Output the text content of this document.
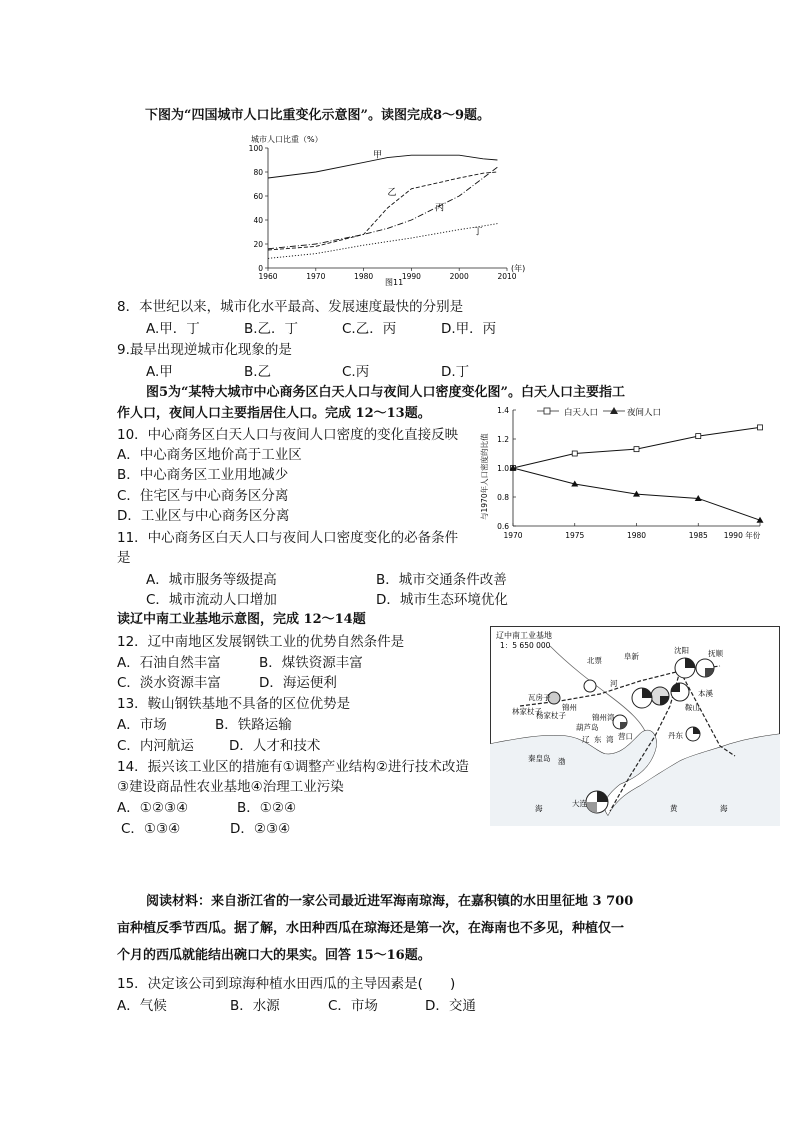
下图为“四国城市人口比重变化示意图”。读图完成8～9题。
城市人口比重（%）
0
20
40
60
80
100
1960	1970	1980	1990	2000	2010
甲
乙
丙
丁
(年)
图11
8．本世纪以来，城市化水平最高、发展速度最快的分别是
A.甲．丁	B.乙．丁	C.乙．丙	D.甲．丙
9.最早出现逆城市化现象的是
A.甲	B.乙	C.丙	D.丁
图5为“某特大城市中心商务区白天人口与夜间人口密度变化图”。白天人口主要指工
作人口，夜间人口主要指居住人口。完成 12～13题。
0.6
0.8
1.0
1.2
1.4
1970	1975	1980	1985 1990 年份
白天人口	夜间人口
与1970年人口密度的比值
10．中心商务区白天人口与夜间人口密度的变化直接反映
A．中心商务区地价高于工业区
B．中心商务区工业用地减少
C．住宅区与中心商务区分离
D．工业区与中心商务区分离
11．中心商务区白天人口与夜间人口密度变化的必备条件
是
A．城市服务等级提高	B．城市交通条件改善
C．城市流动人口增加	D．城市生态环境优化
读辽中南工业基地示意图，完成 12～14题
辽中南工业基地
1：5 650 000
北票	阜新
沈阳	抚顺
本溪
瓦房子
锦州	鞍山
营口
锦州湾
葫芦岛
丹东
大连
秦皇岛
林家杖子
杨家杖子
辽 东 湾
渤
海	黄	海
河
12．辽中南地区发展钢铁工业的优势自然条件是
A．石油自然丰富	B．煤铁资源丰富
C．淡水资源丰富	D．海运便利
13．鞍山钢铁基地不具备的区位优势是
A．市场	B．铁路运输
C．内河航运	D．人才和技术
14．振兴该工业区的措施有①调整产业结构②进行技术改造
③建设商品性农业基地④治理工业污染
A．①②③④	B．①②④
C．①③④	D．②③④
阅读材料：来自浙江省的一家公司最近进军海南琼海，在嘉积镇的水田里征地 3 700
亩种植反季节西瓜。据了解，水田种西瓜在琼海还是第一次，在海南也不多见，种植仅一
个月的西瓜就能结出碗口大的果实。回答 15～16题。
15．决定该公司到琼海种植水田西瓜的主导因素是(　　)
A．气候	B．水源	C．市场	D．交通
